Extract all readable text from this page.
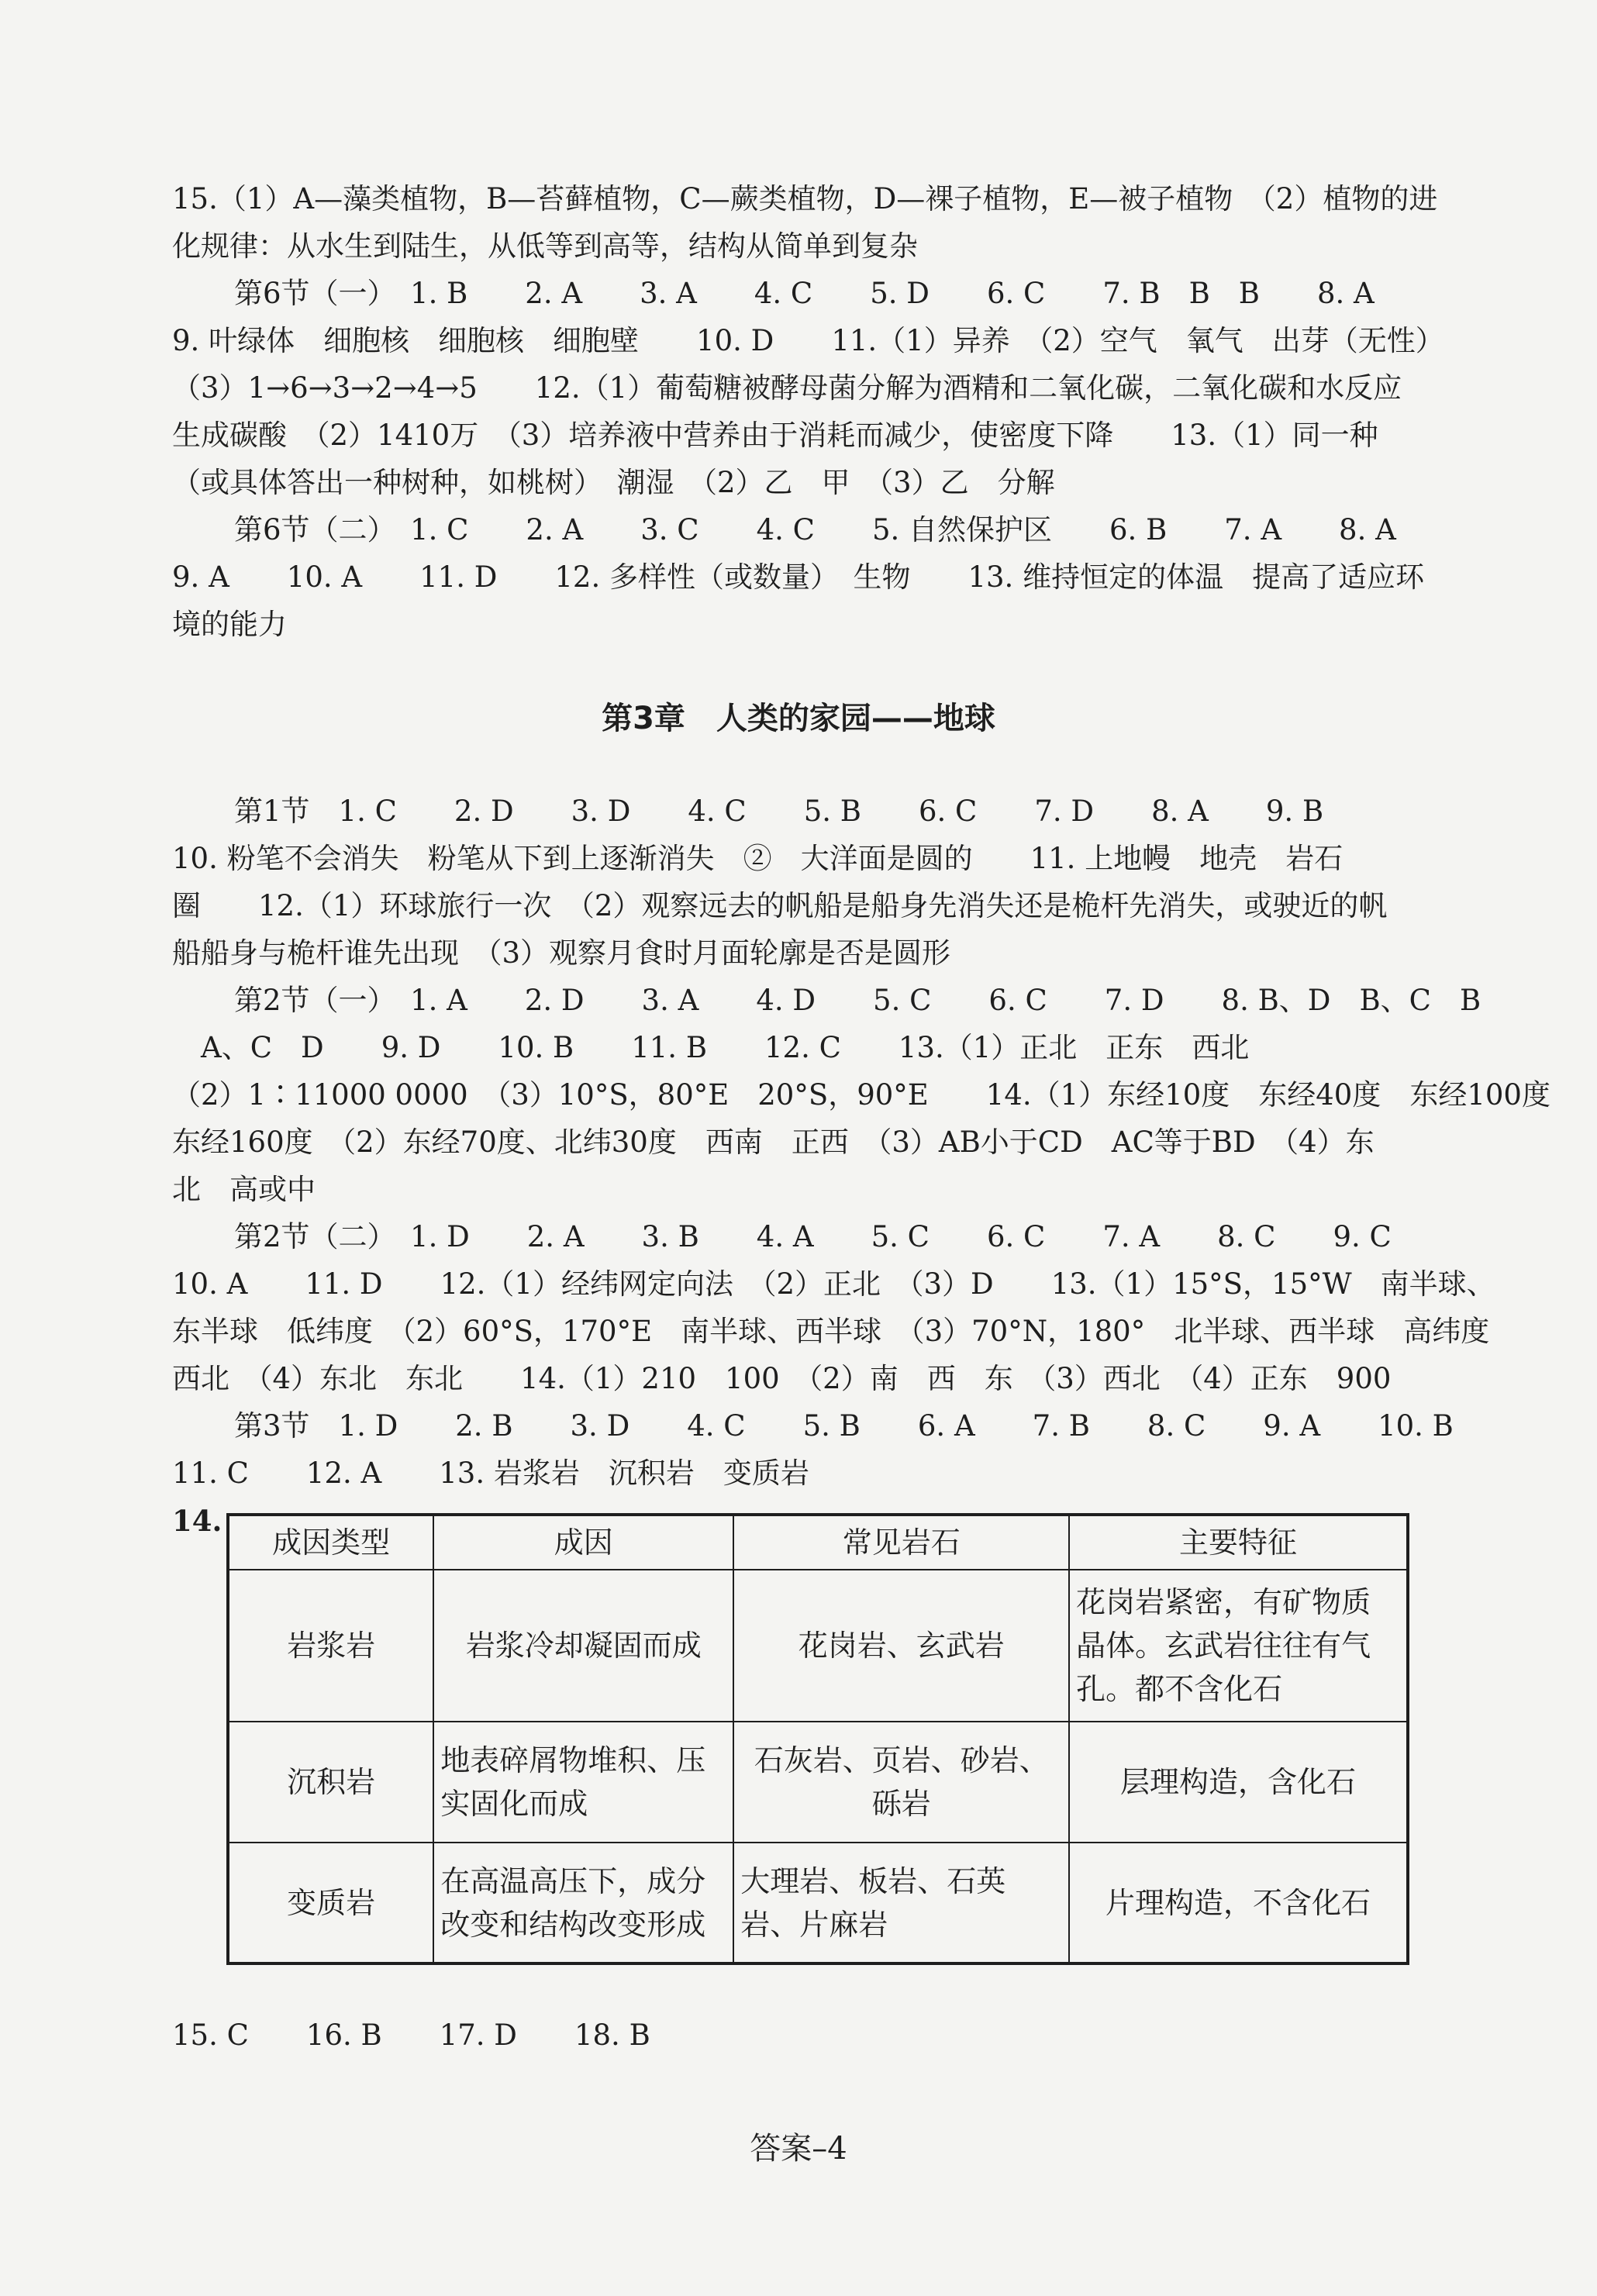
15.（1）A—藻类植物，B—苔藓植物，C—蕨类植物，D—裸子植物，E—被子植物　（2）植物的进

化规律：从水生到陆生，从低等到高等，结构从简单到复杂

第6节（一）　1. B　　2. A　　3. A　　4. C　　5. D　　6. C　　7. B　B　B　　8. A

9. 叶绿体　细胞核　细胞核　细胞壁　　10. D　　11.（1）异养　（2）空气　氧气　出芽（无性）

（3）1→6→3→2→4→5　　12.（1）葡萄糖被酵母菌分解为酒精和二氧化碳，二氧化碳和水反应

生成碳酸　（2）1410万　（3）培养液中营养由于消耗而减少，使密度下降　　13.（1）同一种

（或具体答出一种树种，如桃树）　潮湿　（2）乙　甲　（3）乙　分解

第6节（二）　1. C　　2. A　　3. C　　4. C　　5. 自然保护区　　6. B　　7. A　　8. A

9. A　　10. A　　11. D　　12. 多样性（或数量）　生物　　13. 维持恒定的体温　提高了适应环

境的能力

第3章　人类的家园——地球

第1节　1. C　　2. D　　3. D　　4. C　　5. B　　6. C　　7. D　　8. A　　9. B

10. 粉笔不会消失　粉笔从下到上逐渐消失　②　大洋面是圆的　　11. 上地幔　地壳　岩石

圈　　12.（1）环球旅行一次　（2）观察远去的帆船是船身先消失还是桅杆先消失，或驶近的帆

船船身与桅杆谁先出现　（3）观察月食时月面轮廓是否是圆形

第2节（一）　1. A　　2. D　　3. A　　4. D　　5. C　　6. C　　7. D　　8. B、D　B、C　B

　A、C　D　　9. D　　10. B　　11. B　　12. C　　13.（1）正北　正东　西北

（2）1∶11000 0000　（3）10°S，80°E　20°S，90°E　　14.（1）东经10度　东经40度　东经100度

东经160度　（2）东经70度、北纬30度　西南　正西　（3）AB小于CD　AC等于BD　（4）东

北　高或中

第2节（二）　1. D　　2. A　　3. B　　4. A　　5. C　　6. C　　7. A　　8. C　　9. C

10. A　　11. D　　12.（1）经纬网定向法　（2）正北　（3）D　　13.（1）15°S，15°W　南半球、

东半球　低纬度　（2）60°S，170°E　南半球、西半球　（3）70°N，180°　北半球、西半球　高纬度

西北　（4）东北　东北　　14.（1）210　100　（2）南　西　东　（3）西北　（4）正东　900

第3节　1. D　　2. B　　3. D　　4. C　　5. B　　6. A　　7. B　　8. C　　9. A　　10. B

11. C　　12. A　　13. 岩浆岩　沉积岩　变质岩

14.
成因类型	成因	常见岩石	主要特征
岩浆岩	岩浆冷却凝固而成	花岗岩、玄武岩	花岗岩紧密，有矿物质晶体。玄武岩往往有气孔。都不含化石
沉积岩	地表碎屑物堆积、压实固化而成	石灰岩、页岩、砂岩、砾岩	层理构造，含化石
变质岩	在高温高压下，成分改变和结构改变形成	大理岩、板岩、石英岩、片麻岩	片理构造，不含化石
15. C　　16. B　　17. D　　18. B
答案–4
